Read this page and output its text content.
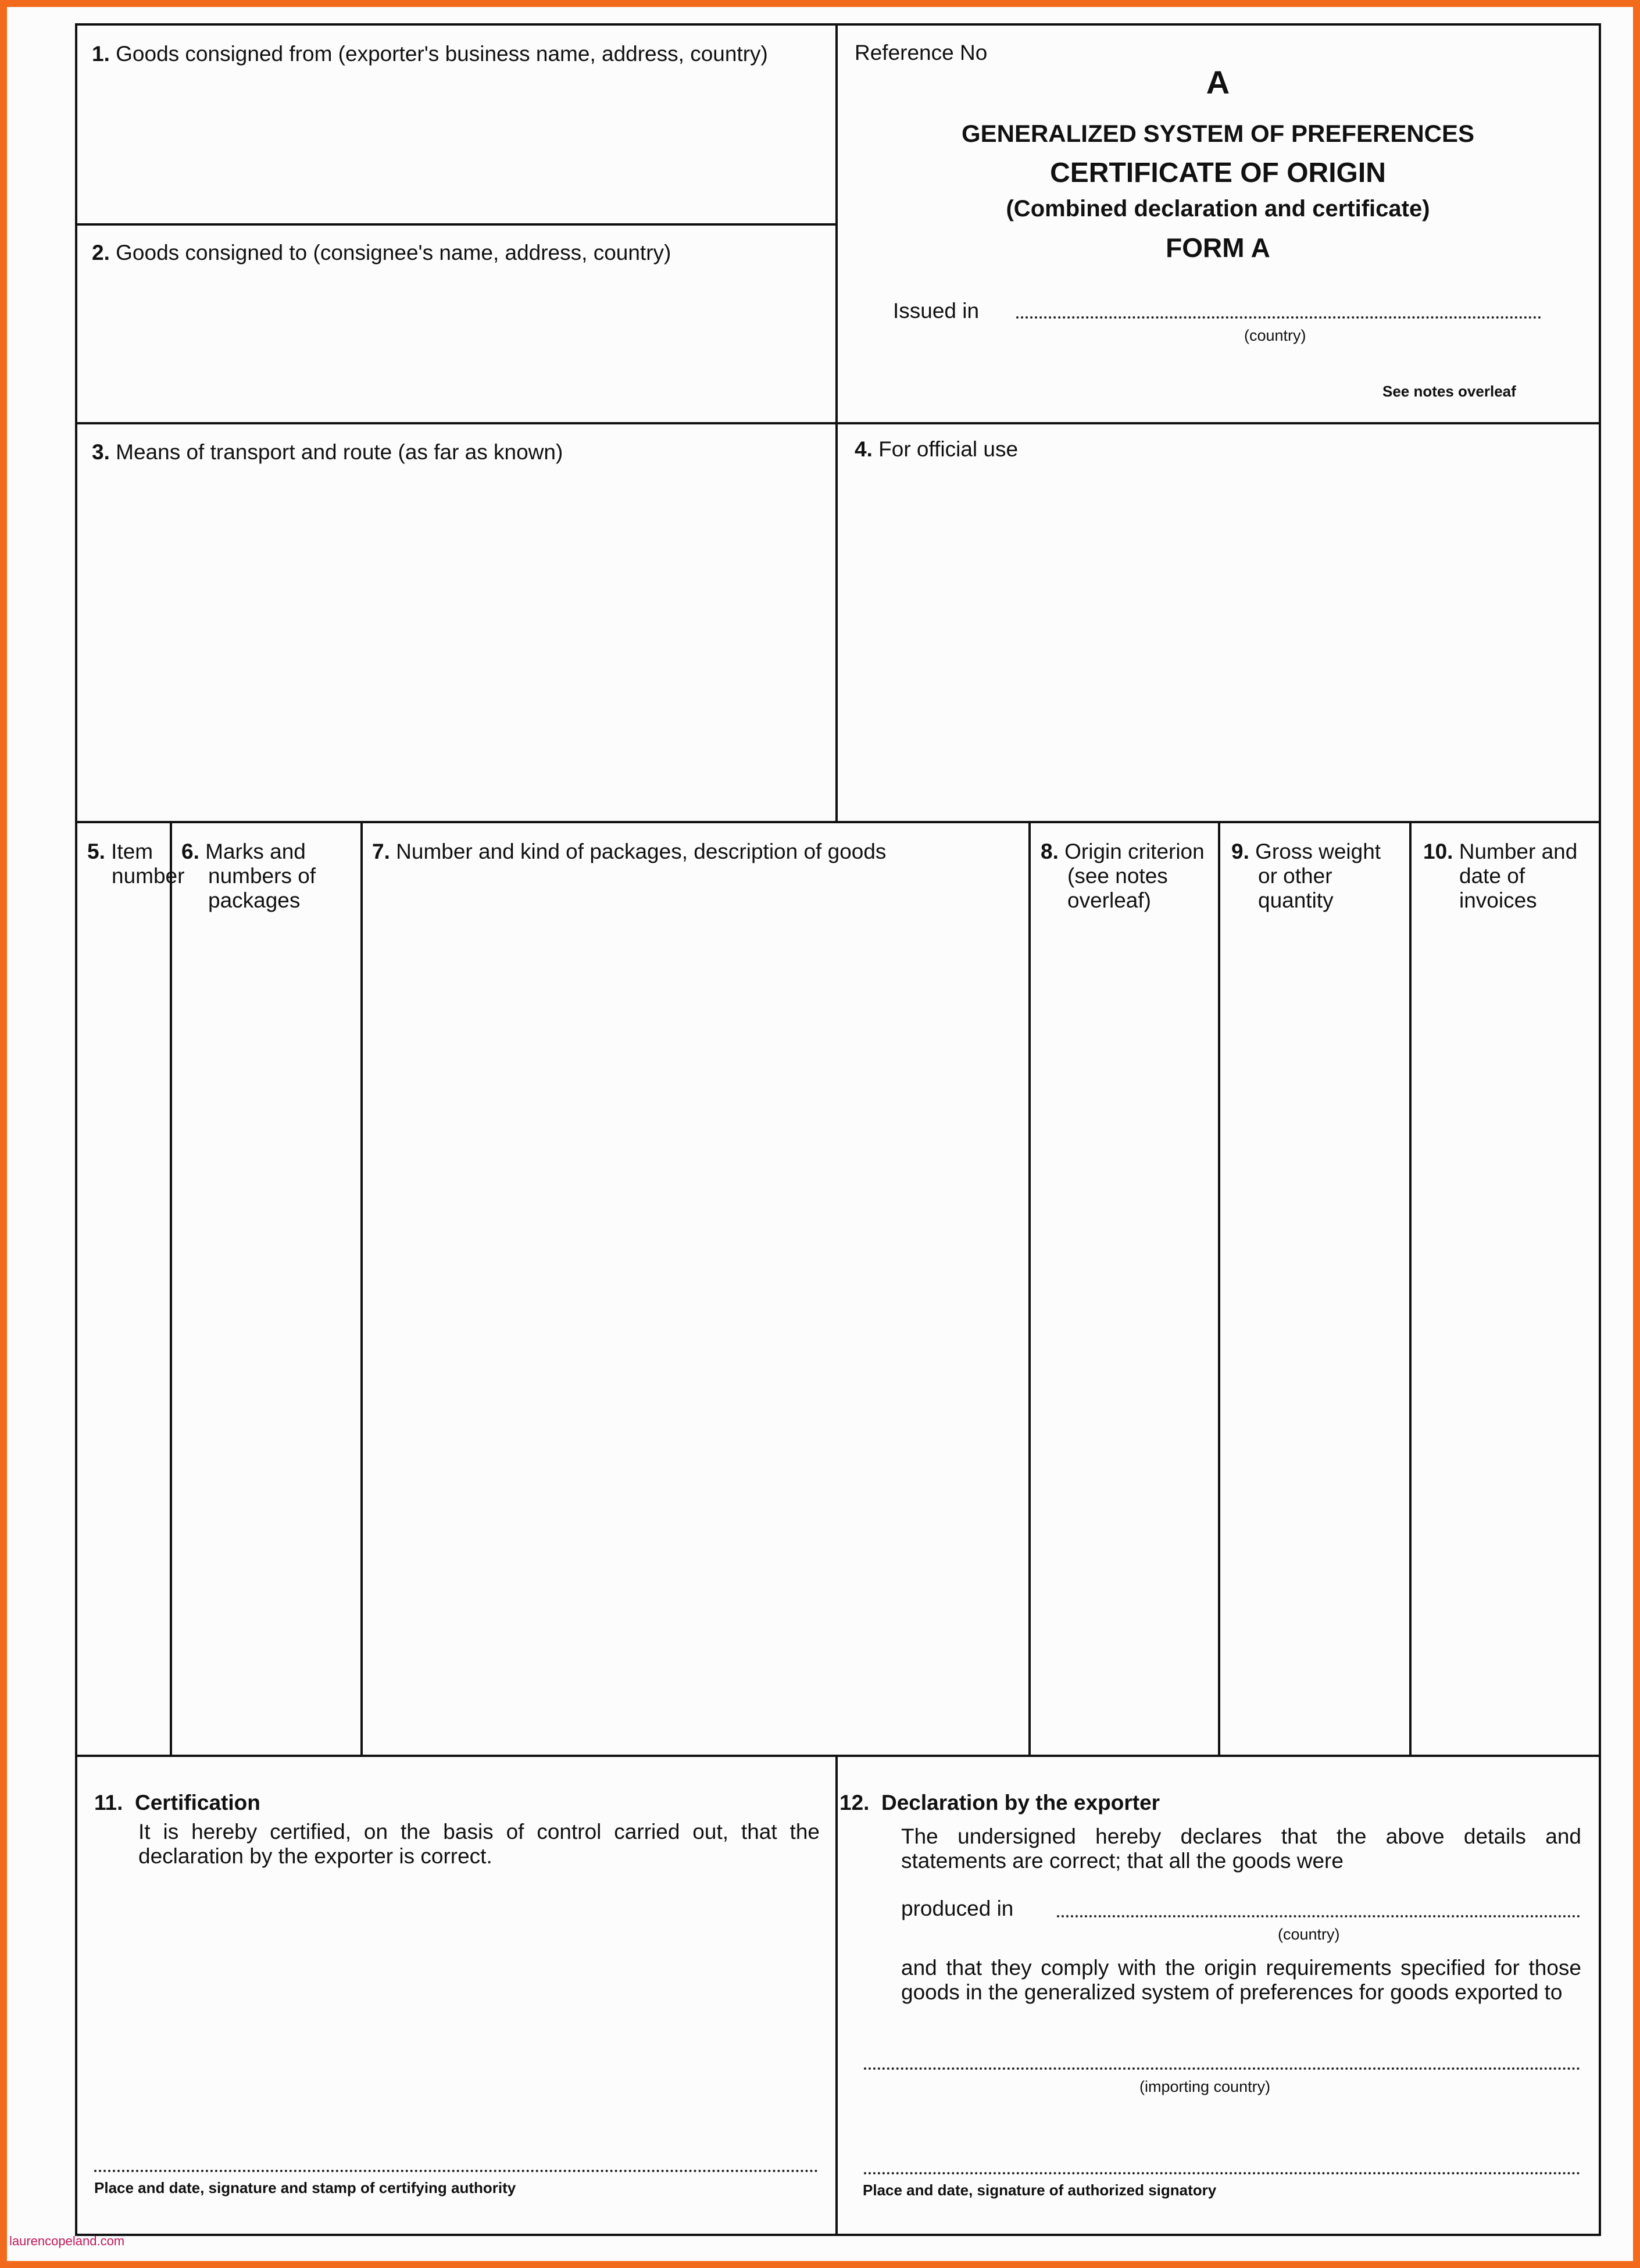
1. Goods consigned from (exporter's business name, address, country)
2. Goods consigned to (consignee's name, address, country)
Reference No
A
GENERALIZED SYSTEM OF PREFERENCES
CERTIFICATE OF ORIGIN
(Combined declaration and certificate)
FORM A
Issued in
(country)
See notes overleaf
3. Means of transport and route (as far as known)	4. For official use
5. Item number
6. Marks and numbers of packages
7. Number and kind of packages, description of goods	8. Origin criterion (see notes overleaf)
9. Gross weight or other quantity
10. Number and date of invoices
11. Certification
It is hereby certified, on the basis of control carried out, that the declaration by the exporter is correct.
Place and date, signature and stamp of certifying authority
12. Declaration by the exporter
The undersigned hereby declares that the above details and statements are correct; that all the goods were
produced in
(country)
and that they comply with the origin requirements specified for those goods in the generalized system of preferences for goods exported to
(importing country)
Place and date, signature of authorized signatory
laurencopeland.com
